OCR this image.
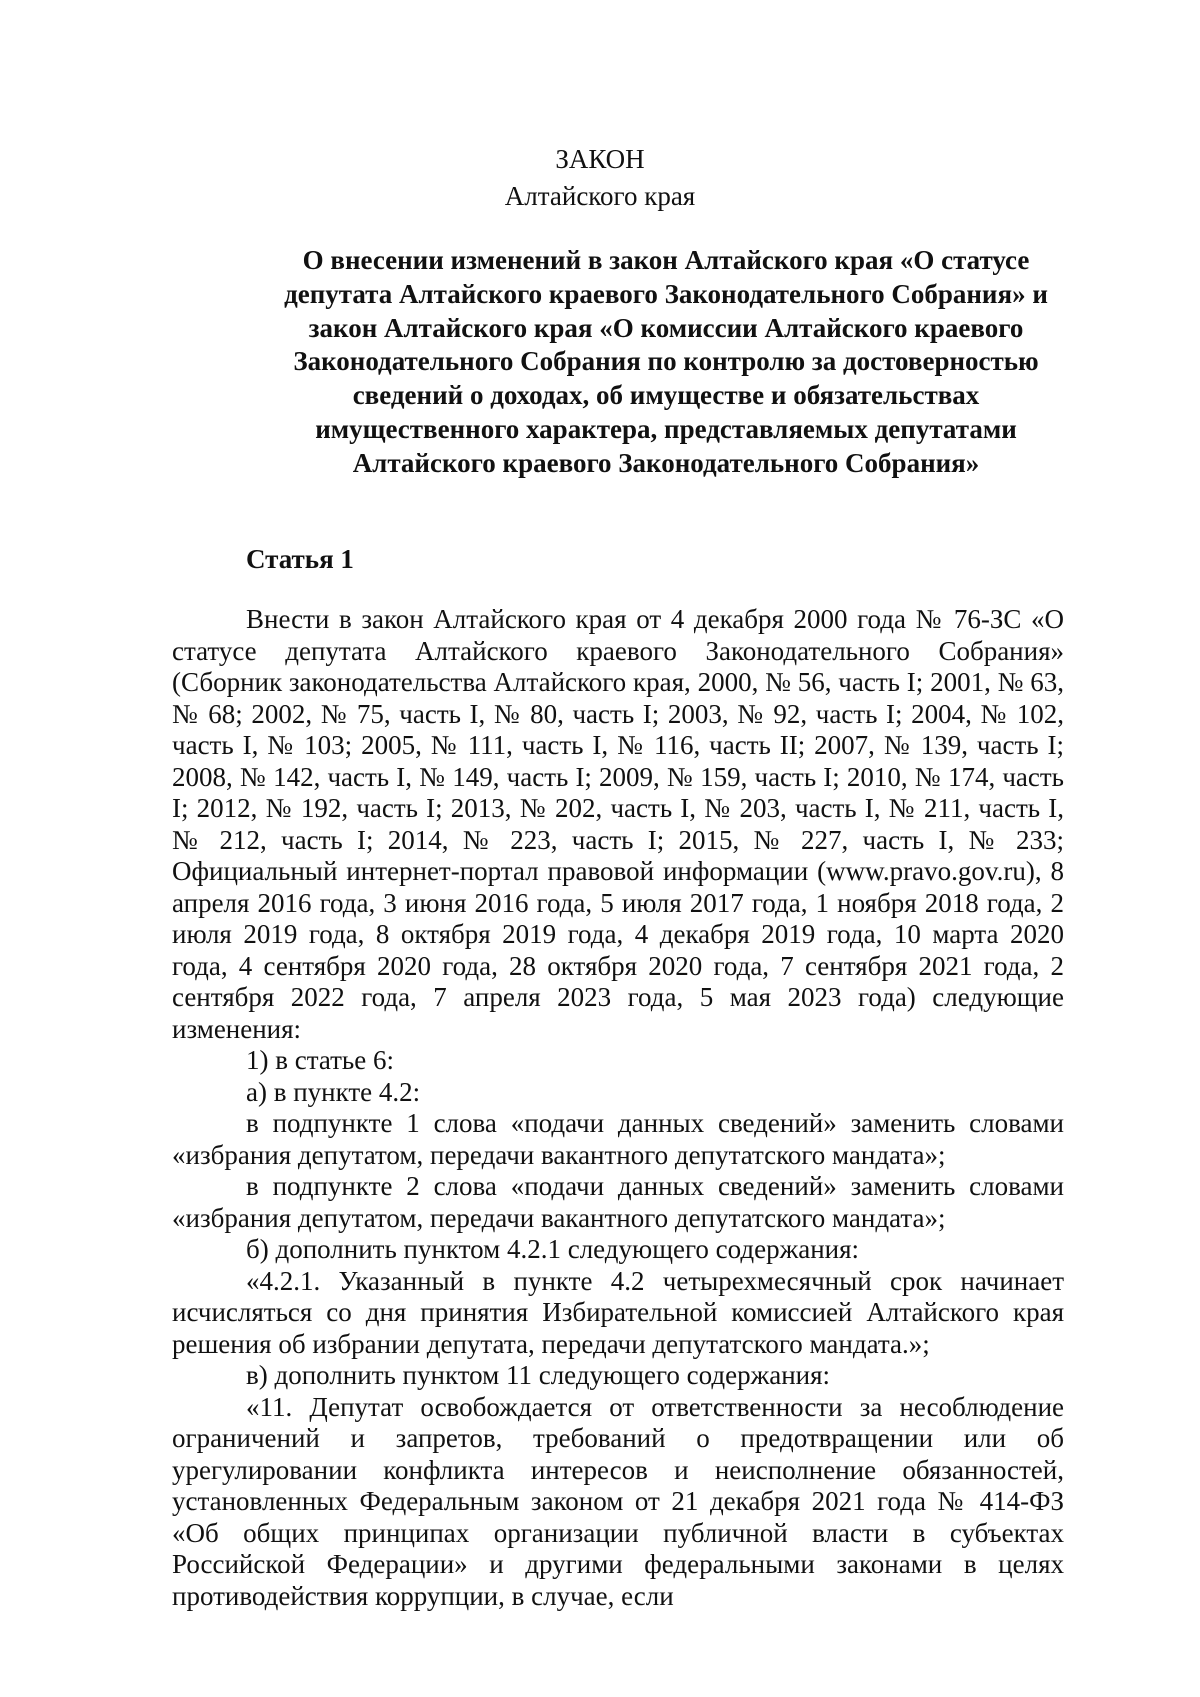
ЗАКОН
Алтайского края
О внесении изменений в закон Алтайского края «О статусе депутата Алтайского краевого Законодательного Собрания» и закон Алтайского края «О комиссии Алтайского краевого Законодательного Собрания по контролю за достоверностью сведений о доходах, об имуществе и обязательствах имущественного характера, представляемых депутатами Алтайского краевого Законодательного Собрания»
Статья 1

Внести в закон Алтайского края от 4 декабря 2000 года № 76-ЗС «О статусе депутата Алтайского краевого Законодательного Собрания» (Сборник законодательства Алтайского края, 2000, № 56, часть I; 2001, № 63, № 68; 2002, № 75, часть I, № 80, часть I; 2003, № 92, часть I; 2004, № 102, часть I, № 103; 2005, № 111, часть I, № 116, часть II; 2007, № 139, часть I; 2008, № 142, часть I, № 149, часть I; 2009, № 159, часть I; 2010, № 174, часть I; 2012, № 192, часть I; 2013, № 202, часть I, № 203, часть I, № 211, часть I, № 212, часть I; 2014, № 223, часть I; 2015, № 227, часть I, № 233; Официальный интернет-портал правовой информации (www.pravo.gov.ru), 8 апреля 2016 года, 3 июня 2016 года, 5 июля 2017 года, 1 ноября 2018 года, 2 июля 2019 года, 8 октября 2019 года, 4 декабря 2019 года, 10 марта 2020 года, 4 сентября 2020 года, 28 октября 2020 года, 7 сентября 2021 года, 2 сентября 2022 года, 7 апреля 2023 года, 5 мая 2023 года) следующие изменения:

1) в статье 6:

а) в пункте 4.2:

в подпункте 1 слова «подачи данных сведений» заменить словами «избрания депутатом, передачи вакантного депутатского мандата»;

в подпункте 2 слова «подачи данных сведений» заменить словами «избрания депутатом, передачи вакантного депутатского мандата»;

б) дополнить пунктом 4.2.1 следующего содержания:

«4.2.1. Указанный в пункте 4.2 четырехмесячный срок начинает исчисляться со дня принятия Избирательной комиссией Алтайского края решения об избрании депутата, передачи депутатского мандата.»;

в) дополнить пунктом 11 следующего содержания:

«11. Депутат освобождается от ответственности за несоблюдение ограничений и запретов, требований о предотвращении или об урегулировании конфликта интересов и неисполнение обязанностей, установленных Федеральным законом от 21 декабря 2021 года № 414-ФЗ «Об общих принципах организации публичной власти в субъектах Российской Федерации» и другими федеральными законами в целях противодействия коррупции, в случае, если
